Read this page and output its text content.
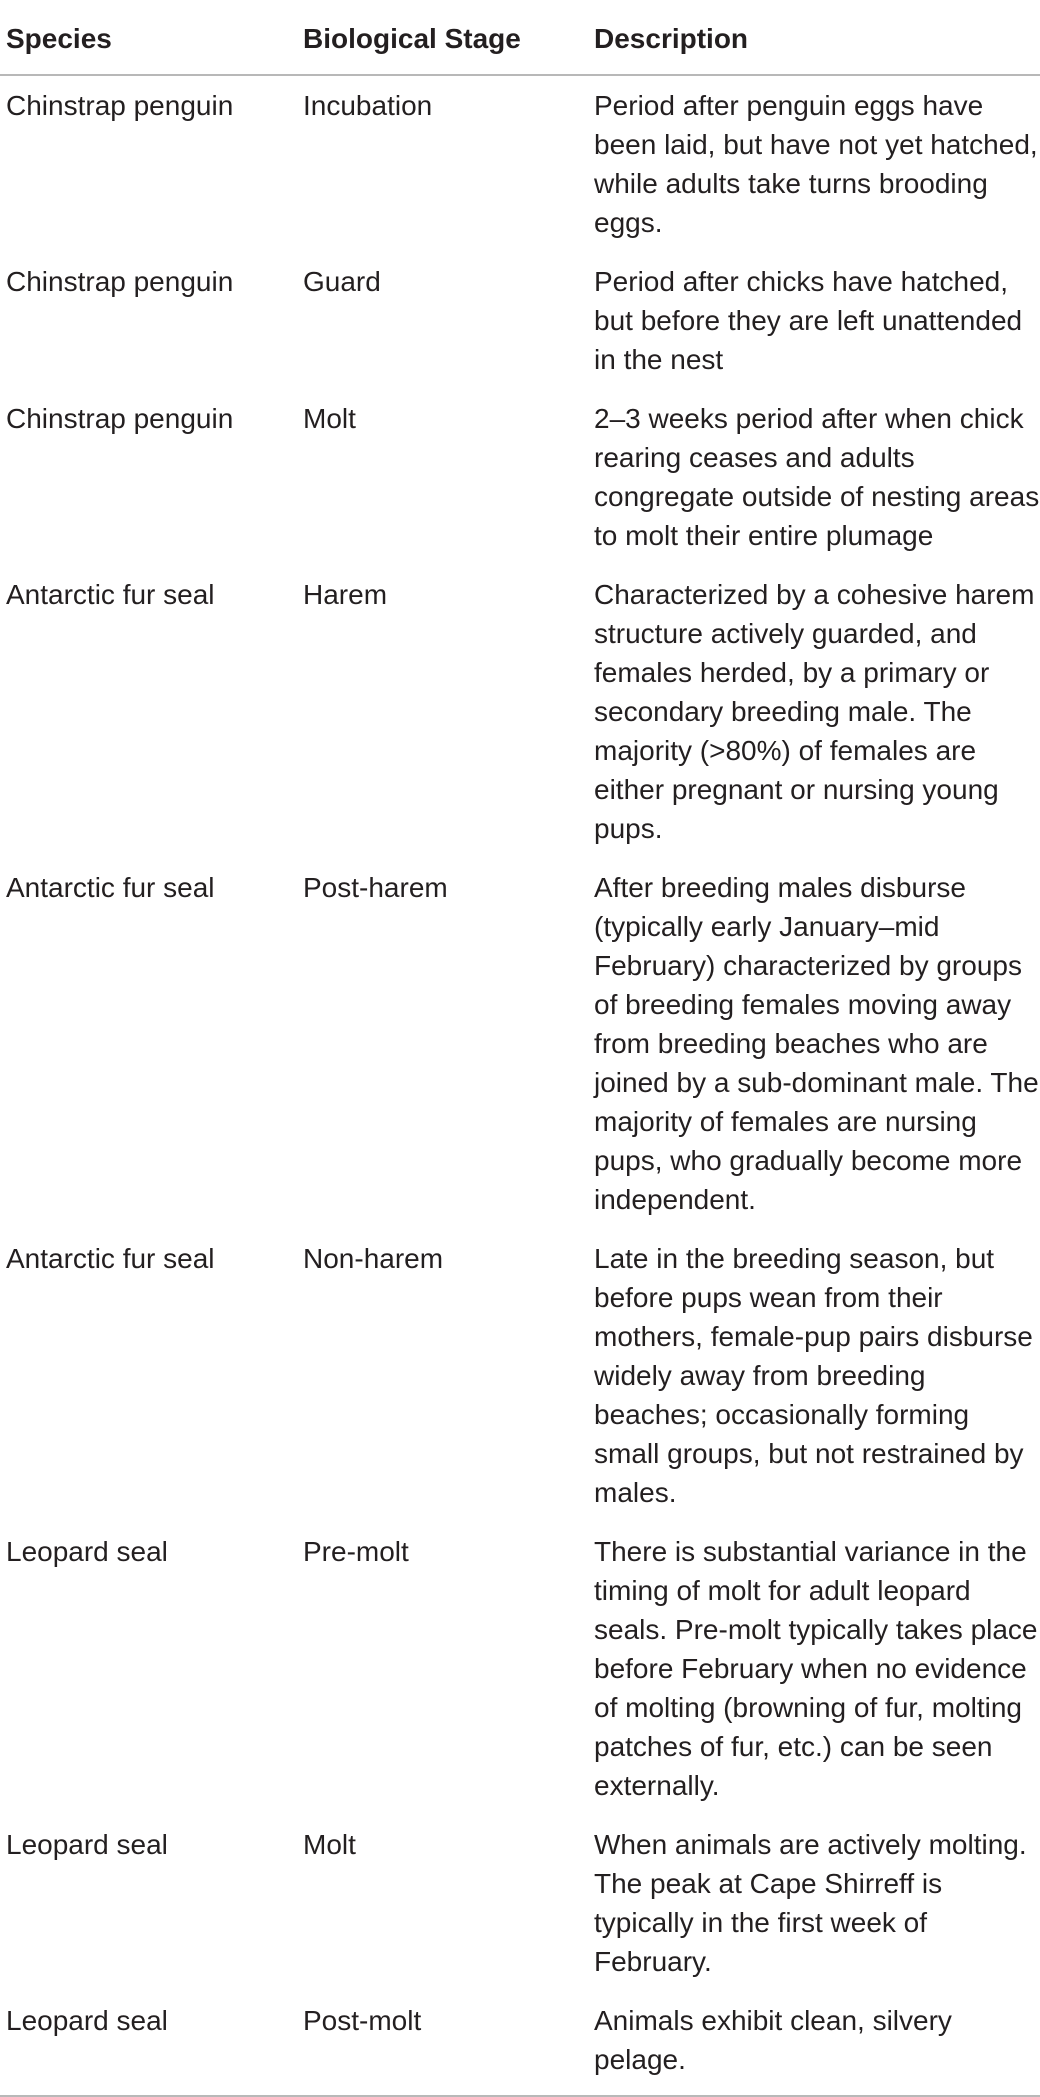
Species	Biological Stage	Description
Chinstrap penguin	Incubation	Period after penguin eggs have been laid, but have not yet hatched, while adults take turns brooding eggs.
Chinstrap penguin	Guard	Period after chicks have hatched, but before they are left unattended in the nest
Chinstrap penguin	Molt	2–3 weeks period after when chick rearing ceases and adults congregate outside of nesting areas to molt their entire plumage
Antarctic fur seal	Harem	Characterized by a cohesive harem structure actively guarded, and females herded, by a primary or secondary breeding male. The majority (>80%) of females are either pregnant or nursing young pups.
Antarctic fur seal	Post-harem	After breeding males disburse (typically early January–mid February) characterized by groups of breeding females moving away from breeding beaches who are joined by a sub-dominant male. The majority of females are nursing pups, who gradually become more independent.
Antarctic fur seal	Non-harem	Late in the breeding season, but before pups wean from their mothers, female-pup pairs disburse widely away from breeding beaches; occasionally forming small groups, but not restrained by males.
Leopard seal	Pre-molt	There is substantial variance in the timing of molt for adult leopard seals. Pre-molt typically takes place before February when no evidence of molting (browning of fur, molting patches of fur, etc.) can be seen externally.
Leopard seal	Molt	When animals are actively molting. The peak at Cape Shirreff is typically in the first week of February.
Leopard seal	Post-molt	Animals exhibit clean, silvery pelage.
